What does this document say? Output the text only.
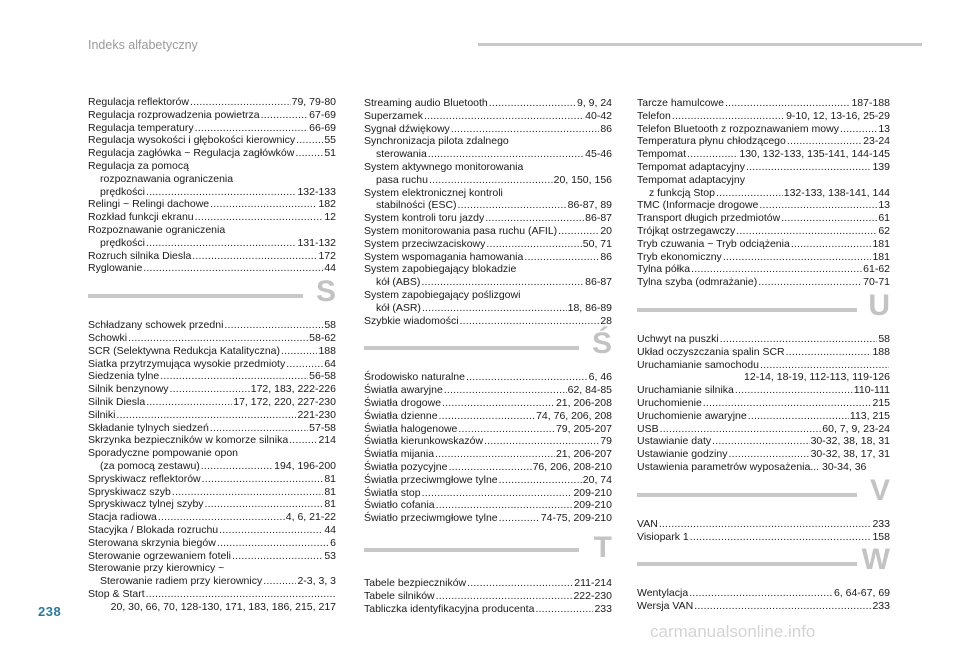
Indeks alfabetyczny
Regulacja reflektorów .....	79, 79-80
Regulacja rozprowadzenia powietrza .....	67-69
Regulacja temperatury .....	66-69
Regulacja wysokości i głębokości kierownicy .....	55
Regulacja zagłówka ~ Regulacja zagłówków .....	51
Regulacja za pomocą
rozpoznawania ograniczenia
prędkości .....	132-133
Relingi ~ Relingi dachowe .....	182
Rozkład funkcji ekranu .....	12
Rozpoznawanie ograniczenia
prędkości .....	131-132
Rozruch silnika Diesla .....	172
Ryglowanie .....	44
S
Schładzany schowek przedni .....	58
Schowki .....	58-62
SCR (Selektywna Redukcja Katalityczna) .....	188
Siatka przytrzymująca wysokie przedmioty .....	64
Siedzenia tylne .....	56-58
Silnik benzynowy .....	172, 183, 222-226
Silnik Diesla .....	17, 172, 220, 227-230
Silniki .....	221-230
Składanie tylnych siedzeń .....	57-58
Skrzynka bezpieczników w komorze silnika .....	214
Sporadyczne pompowanie opon
(za pomocą zestawu) .....	194, 196-200
Spryskiwacz reflektorów .....	81
Spryskiwacz szyb .....	81
Spryskiwacz tylnej szyby .....	81
Stacja radiowa .....	4, 6, 21-22
Stacyjka / Blokada rozruchu .....	44
Sterowana skrzynia biegów .....	6
Sterowanie ogrzewaniem foteli .....	53
Sterowanie przy kierownicy ~
Sterowanie radiem przy kierownicy .....	2-3, 3, 3
Stop & Start
.....
20, 30, 66, 70, 128-130, 171, 183, 186, 215, 217
Streaming audio Bluetooth .....	9, 9, 24
Superzamek .....	40-42
Sygnał dźwiękowy .....	86
Synchronizacja pilota zdalnego
sterowania .....	45-46
System aktywnego monitorowania
pasa ruchu .....	20, 150, 156
System elektronicznej kontroli
stabilności (ESC) .....	86-87, 89
System kontroli toru jazdy .....	86-87
System monitorowania pasa ruchu (AFIL) .....	20
System przeciwzaciskowy .....	50, 71
System wspomagania hamowania .....	86
System zapobiegający blokadzie
kół (ABS) .....	86-87
System zapobiegający poślizgowi
kół (ASR) .....	18, 86-89
Szybkie wiadomości .....	28
Ś
Środowisko naturalne .....	6, 46
Światła awaryjne .....	62, 84-85
Światła drogowe .....	21, 206-208
Światła dzienne .....	74, 76, 206, 208
Światła halogenowe .....	79, 205-207
Światła kierunkowskazów .....	79
Światła mijania .....	21, 206-207
Światła pozycyjne .....	76, 206, 208-210
Światła przeciwmgłowe tylne .....	20, 74
Światła stop .....	209-210
Światło cofania .....	209-210
Światło przeciwmgłowe tylne .....	74-75, 209-210
T
Tabele bezpieczników .....	211-214
Tabele silników .....	222-230
Tabliczka identyfikacyjna producenta .....	233
Tarcze hamulcowe .....	187-188
Telefon .....	9-10, 12, 13-16, 25-29
Telefon Bluetooth z rozpoznawaniem mowy .....	13
Temperatura płynu chłodzącego .....	23-24
Tempomat .....	130, 132-133, 135-141, 144-145
Tempomat adaptacyjny .....	139
Tempomat adaptacyjny
z funkcją Stop .....	132-133, 138-141, 144
TMC (Informacje drogowe .....	13
Transport długich przedmiotów .....	61
Trójkąt ostrzegawczy .....	62
Tryb czuwania ~ Tryb odciążenia .....	181
Tryb ekonomiczny .....	181
Tylna półka .....	61-62
Tylna szyba (odmrażanie) .....	70-71
U
Uchwyt na puszki .....	58
Układ oczyszczania spalin SCR .....	188
Uruchamianie samochodu
.....
12-14, 18-19, 112-113, 119-126
Uruchamianie silnika .....	110-111
Uruchomienie .....	215
Uruchomienie awaryjne .....	113, 215
USB .....	60, 7, 9, 23-24
Ustawianie daty .....	30-32, 38, 18, 31
Ustawianie godziny .....	30-32, 38, 17, 31
Ustawienia parametrów wyposażenia... 30-34, 36
V
VAN .....	233
Visiopark 1 .....	158
W
Wentylacja .....	6, 64-67, 69
Wersja VAN .....	233
238
carmanualsonline.info
